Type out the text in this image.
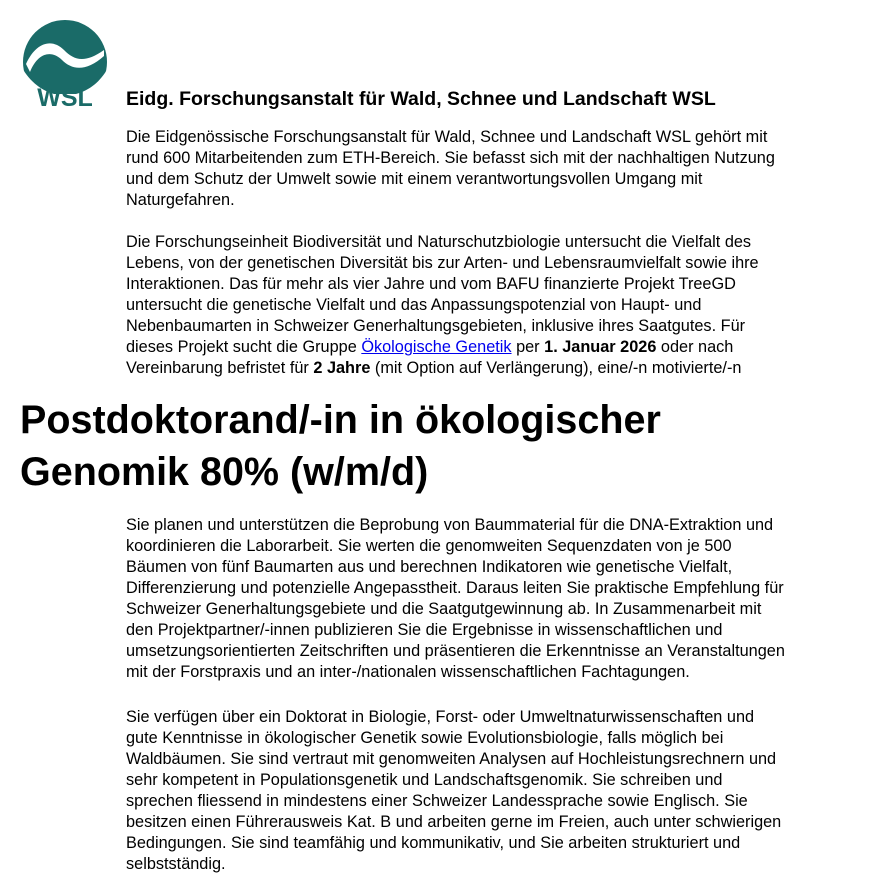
WSL Eidg. Forschungsanstalt für Wald, Schnee und Landschaft WSL

Die Eidgenössische Forschungsanstalt für Wald, Schnee und Landschaft WSL gehört mit
rund 600 Mitarbeitenden zum ETH-Bereich. Sie befasst sich mit der nachhaltigen Nutzung
und dem Schutz der Umwelt sowie mit einem verantwortungsvollen Umgang mit
Naturgefahren.

Die Forschungseinheit Biodiversität und Naturschutzbiologie untersucht die Vielfalt des
Lebens, von der genetischen Diversität bis zur Arten- und Lebensraumvielfalt sowie ihre
Interaktionen. Das für mehr als vier Jahre und vom BAFU finanzierte Projekt TreeGD
untersucht die genetische Vielfalt und das Anpassungspotenzial von Haupt- und
Nebenbaumarten in Schweizer Generhaltungsgebieten, inklusive ihres Saatgutes. Für
dieses Projekt sucht die Gruppe Ökologische Genetik per 1. Januar 2026 oder nach
Vereinbarung befristet für 2 Jahre (mit Option auf Verlängerung), eine/-n motivierte/-n

Postdoktorand/-in in ökologischer
Genomik 80% (w/m/d)

Sie planen und unterstützen die Beprobung von Baummaterial für die DNA-Extraktion und
koordinieren die Laborarbeit. Sie werten die genomweiten Sequenzdaten von je 500
Bäumen von fünf Baumarten aus und berechnen Indikatoren wie genetische Vielfalt,
Differenzierung und potenzielle Angepasstheit. Daraus leiten Sie praktische Empfehlung für
Schweizer Generhaltungsgebiete und die Saatgutgewinnung ab. In Zusammenarbeit mit
den Projektpartner/-innen publizieren Sie die Ergebnisse in wissenschaftlichen und
umsetzungsorientierten Zeitschriften und präsentieren die Erkenntnisse an Veranstaltungen
mit der Forstpraxis und an inter-/nationalen wissenschaftlichen Fachtagungen.

Sie verfügen über ein Doktorat in Biologie, Forst- oder Umweltnaturwissenschaften und
gute Kenntnisse in ökologischer Genetik sowie Evolutionsbiologie, falls möglich bei
Waldbäumen. Sie sind vertraut mit genomweiten Analysen auf Hochleistungsrechnern und
sehr kompetent in Populationsgenetik und Landschaftsgenomik. Sie schreiben und
sprechen fliessend in mindestens einer Schweizer Landessprache sowie Englisch. Sie
besitzen einen Führerausweis Kat. B und arbeiten gerne im Freien, auch unter schwierigen
Bedingungen. Sie sind teamfähig und kommunikativ, und Sie arbeiten strukturiert und
selbstständig.
